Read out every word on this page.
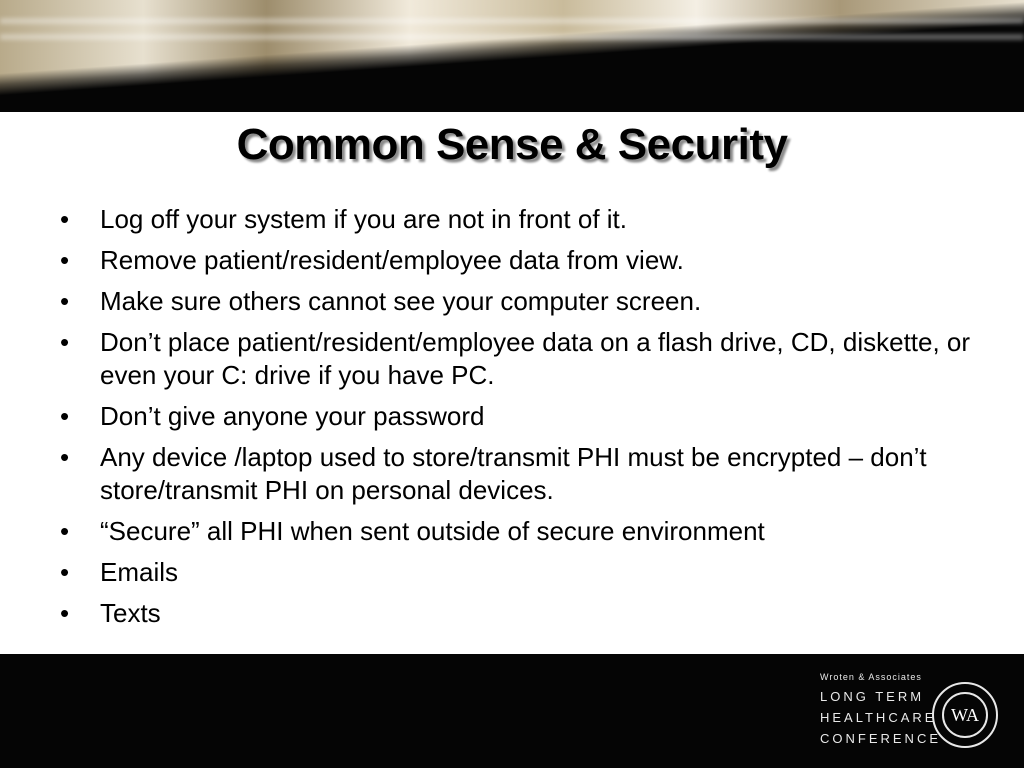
Common Sense & Security
• Log off your system if you are not in front of it.
• Remove patient/resident/employee data from view.
• Make sure others cannot see your computer screen.
• Don’t place patient/resident/employee data on a flash drive, CD, diskette, or even your C: drive if you have PC.
• Don’t give anyone your password
• Any device /laptop used to store/transmit PHI must be encrypted – don’t store/transmit PHI on personal devices.
• “Secure” all PHI when sent outside of secure environment
• Emails
• Texts
Wroten & Associates
LONG TERM
HEALTHCARE
CONFERENCE
WA
